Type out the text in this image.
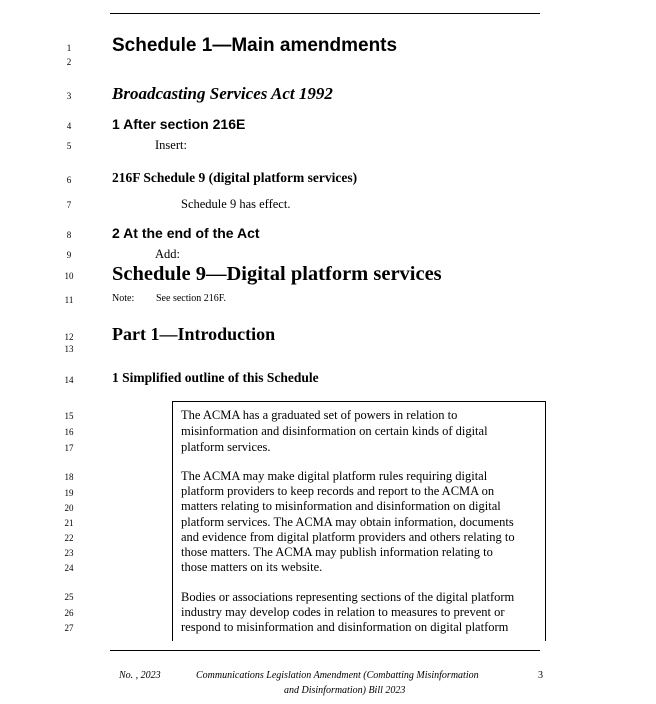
1
2
3
4
5
6
7
8
9
10
11
12
13
14
15
16
17
18
19
20
21
22
23
24
25
26
27
Schedule 1—Main amendments
Broadcasting Services Act 1992
1 After section 216E
Insert:
216F Schedule 9 (digital platform services)
Schedule 9 has effect.
2 At the end of the Act
Add:
Schedule 9—Digital platform services
Note: See section 216F.
Part 1—Introduction
1 Simplified outline of this Schedule
The ACMA has a graduated set of powers in relation to
misinformation and disinformation on certain kinds of digital
platform services.
The ACMA may make digital platform rules requiring digital
platform providers to keep records and report to the ACMA on
matters relating to misinformation and disinformation on digital
platform services. The ACMA may obtain information, documents
and evidence from digital platform providers and others relating to
those matters. The ACMA may publish information relating to
those matters on its website.
Bodies or associations representing sections of the digital platform
industry may develop codes in relation to measures to prevent or
respond to misinformation and disinformation on digital platform
No. , 2023	Communications Legislation Amendment (Combatting Misinformation
and Disinformation) Bill 2023
3
